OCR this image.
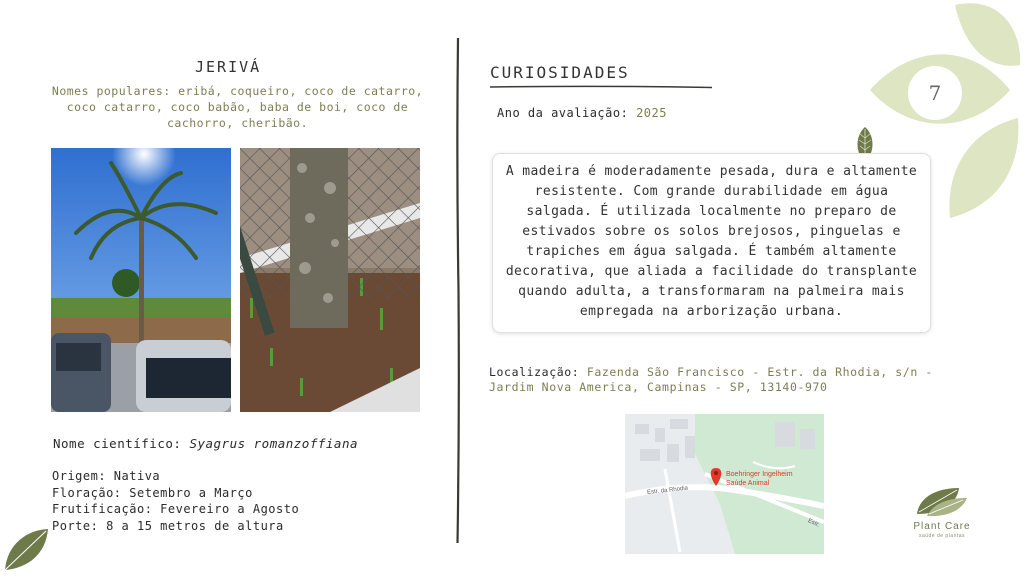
7
JERIVÁ
Nomes populares: eribá, coqueiro, coco de catarro, coco catarro, coco babão, baba de boi, coco de cachorro, cheribão.
Nome científico: Syagrus romanzoffiana
Origem: Nativa
Floração: Setembro a Março
Frutificação: Fevereiro a Agosto
Porte: 8 a 15 metros de altura
CURIOSIDADES
Ano da avaliação: 2025

A madeira é moderadamente pesada, dura e altamente resistente. Com grande durabilidade em água salgada. É utilizada localmente no preparo de estivados sobre os solos brejosos, pinguelas e trapiches em água salgada. É também altamente decorativa, que aliada a facilidade do transplante quando adulta, a transformaram na palmeira mais empregada na arborização urbana.

Localização: Fazenda São Francisco - Estr. da Rhodia, s/n - Jardim Nova America, Campinas - SP, 13140-970
Estr. da Rhodia
Estr.
Boehringer Ingelheim
Saúde Animal
Plant Care
saúde de plantas
